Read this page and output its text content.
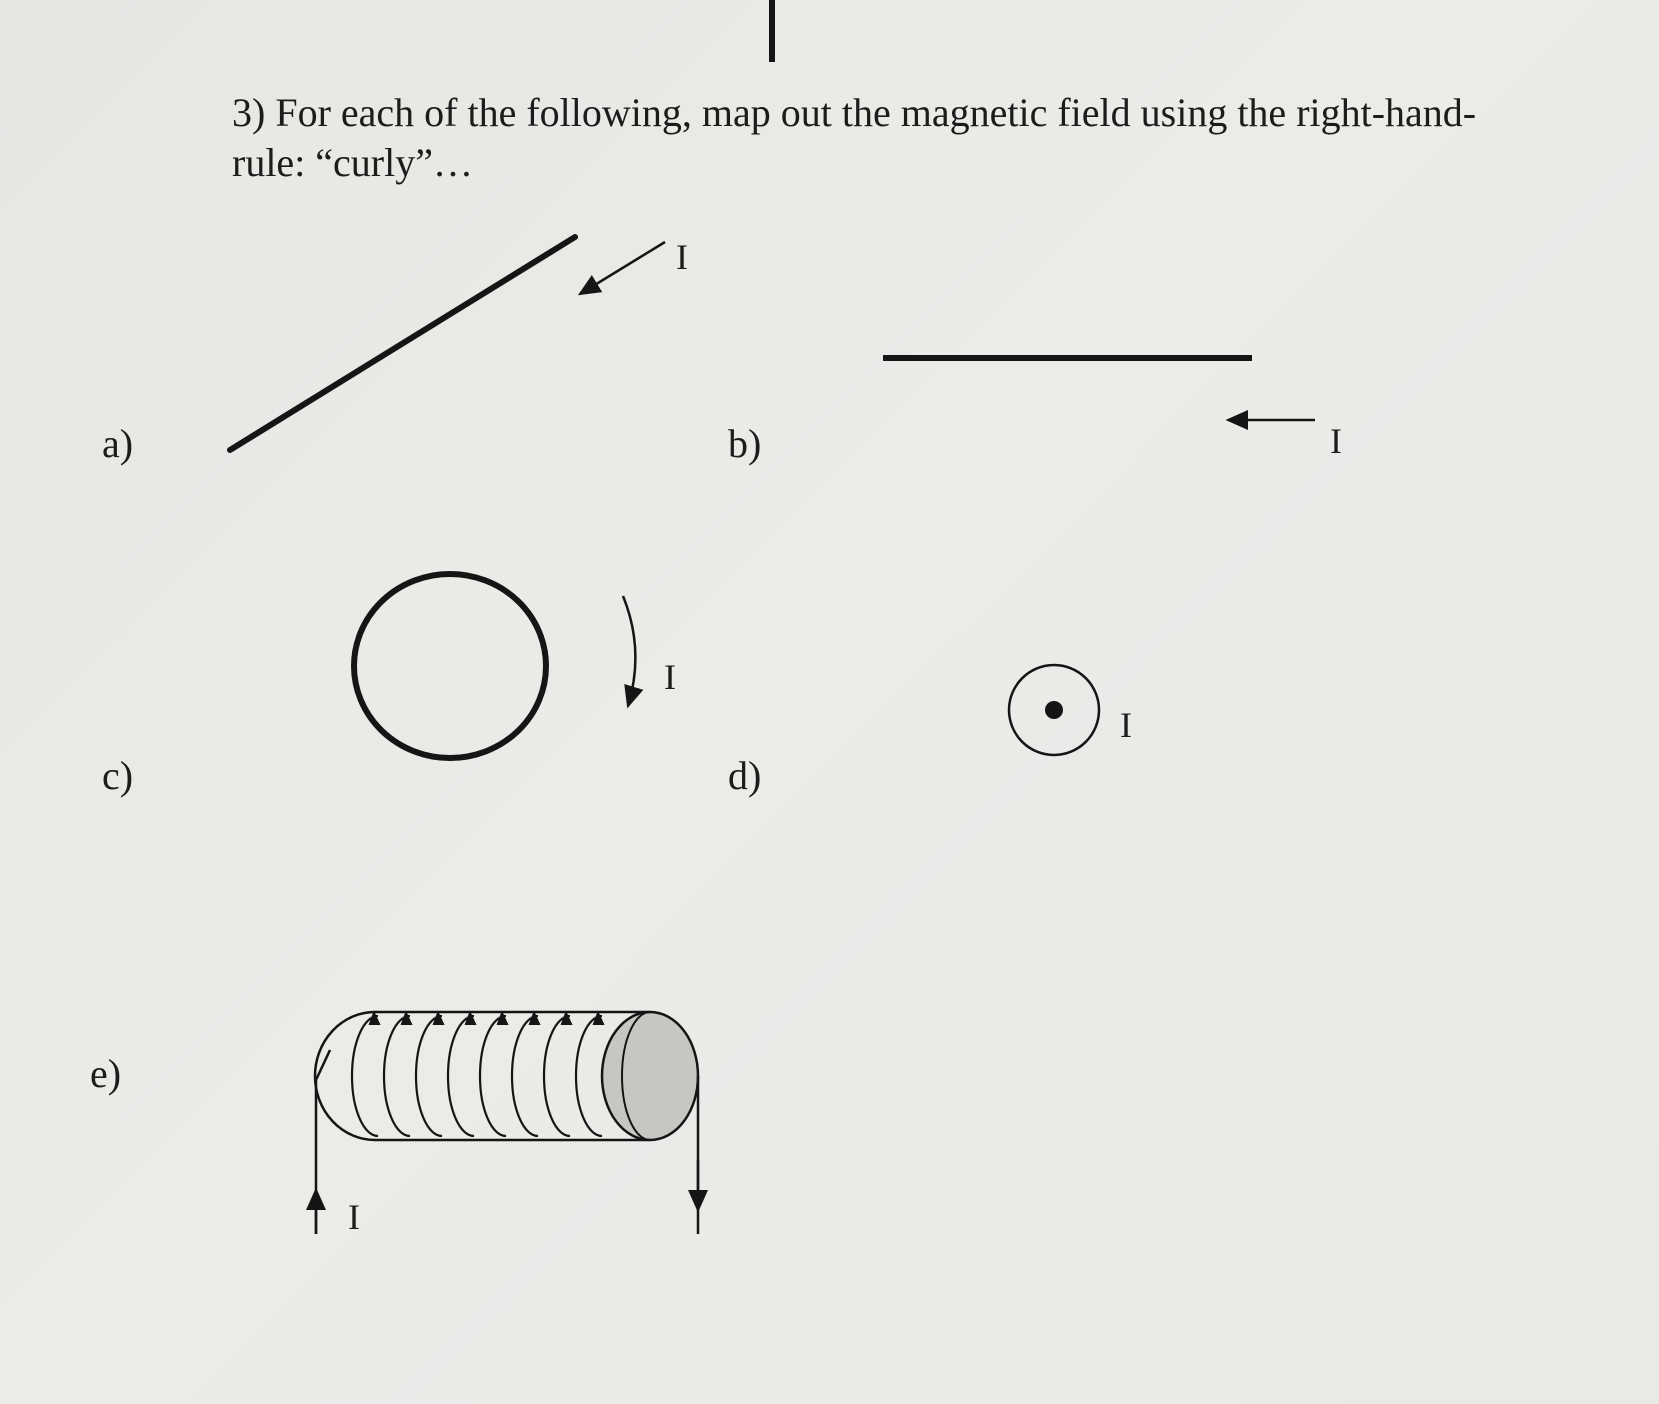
3) For each of the following, map out the magnetic field using the right-hand-
rule: “curly”…
a)	b)
c)	d)
e)
I
I
I
I
I
